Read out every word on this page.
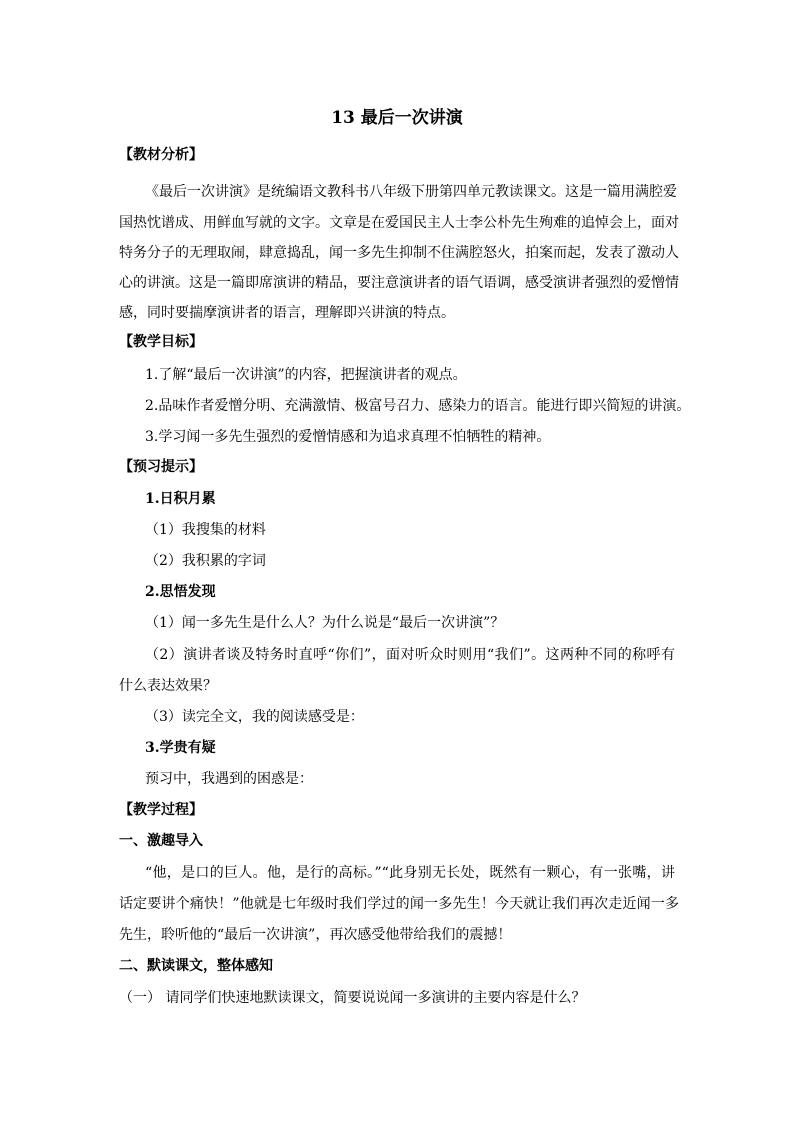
13 最后一次讲演
【教材分析】
《最后一次讲演》是统编语文教科书八年级下册第四单元教读课文。这是一篇用满腔爱
国热忱谱成、用鲜血写就的文字。文章是在爱国民主人士李公朴先生殉难的追悼会上，面对
特务分子的无理取闹，肆意捣乱，闻一多先生抑制不住满腔怒火，拍案而起，发表了激动人
心的讲演。这是一篇即席演讲的精品，要注意演讲者的语气语调，感受演讲者强烈的爱憎情
感，同时要揣摩演讲者的语言，理解即兴讲演的特点。
【教学目标】
1.了解“最后一次讲演”的内容，把握演讲者的观点。
2.品味作者爱憎分明、充满激情、极富号召力、感染力的语言。能进行即兴简短的讲演。
3.学习闻一多先生强烈的爱憎情感和为追求真理不怕牺牲的精神。
【预习提示】
1.日积月累
（1）我搜集的材料
（2）我积累的字词
2.思悟发现
（1）闻一多先生是什么人？为什么说是“最后一次讲演”？
（2）演讲者谈及特务时直呼“你们”，面对听众时则用“我们”。这两种不同的称呼有
什么表达效果？
（3）读完全文，我的阅读感受是：
3.学贵有疑
预习中，我遇到的困惑是：
【教学过程】
一、激趣导入
“他，是口的巨人。他，是行的高标。”“此身别无长处，既然有一颗心，有一张嘴，讲
话定要讲个痛快！”他就是七年级时我们学过的闻一多先生！今天就让我们再次走近闻一多
先生，聆听他的“最后一次讲演”，再次感受他带给我们的震撼！
二、默读课文，整体感知
（一） 请同学们快速地默读课文，简要说说闻一多演讲的主要内容是什么？
